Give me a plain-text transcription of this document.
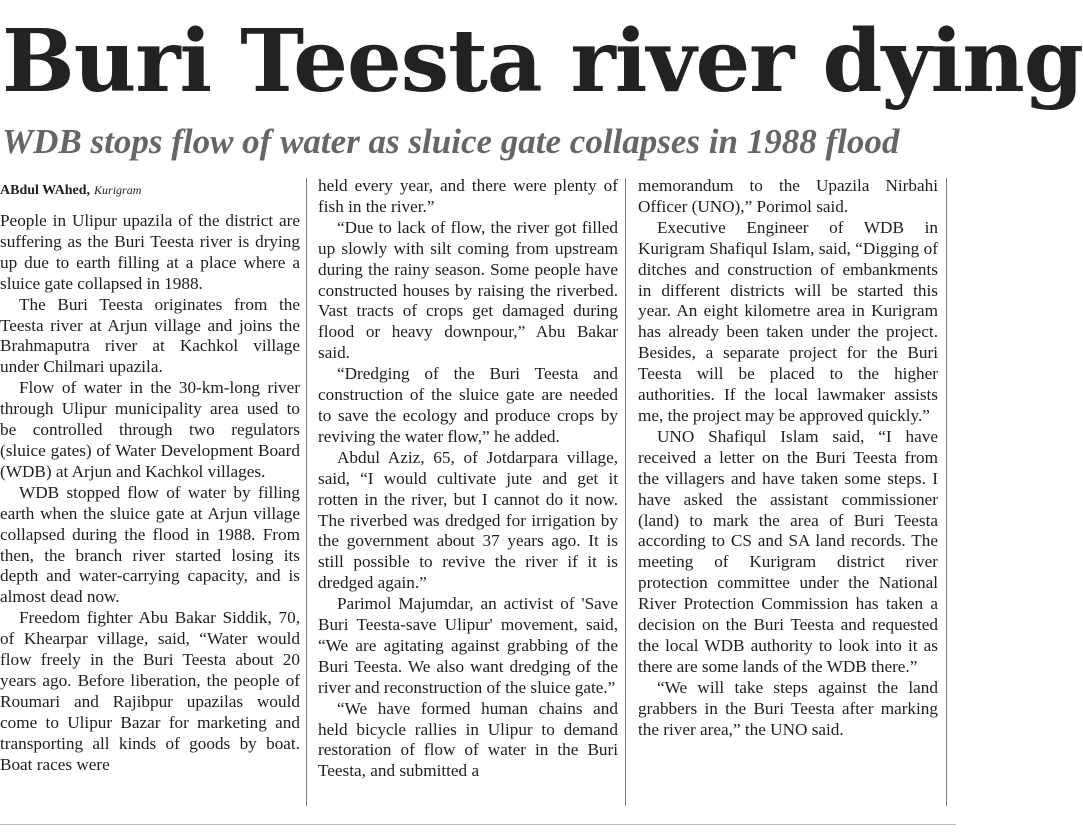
Buri Teesta river dying
WDB stops flow of water as sluice gate collapses in 1988 flood
ABdul WAhed, Kurigram

People in Ulipur upazila of the district are suffering as the Buri Teesta river is drying up due to earth filling at a place where a sluice gate collapsed in 1988.

The Buri Teesta originates from the Teesta river at Arjun village and joins the Brahmaputra river at Kachkol village under Chilmari upazila.

Flow of water in the 30-km-long river through Ulipur municipality area used to be controlled through two regulators (sluice gates) of Water Development Board (WDB) at Arjun and Kachkol villages.

WDB stopped flow of water by filling earth when the sluice gate at Arjun village collapsed during the flood in 1988. From then, the branch river started losing its depth and water-carrying capacity, and is almost dead now.

Freedom fighter Abu Bakar Siddik, 70, of Khearpar village, said, “Water would flow freely in the Buri Teesta about 20 years ago. Before liberation, the people of Roumari and Rajibpur upazilas would come to Ulipur Bazar for marketing and transporting all kinds of goods by boat. Boat races were

held every year, and there were plenty of fish in the river.”

“Due to lack of flow, the river got filled up slowly with silt coming from upstream during the rainy season. Some people have constructed houses by raising the riverbed. Vast tracts of crops get damaged during flood or heavy downpour,” Abu Bakar said.

“Dredging of the Buri Teesta and construction of the sluice gate are needed to save the ecology and produce crops by reviving the water flow,” he added.

Abdul Aziz, 65, of Jotdarpara village, said, “I would cultivate jute and get it rotten in the river, but I cannot do it now. The riverbed was dredged for irrigation by the government about 37 years ago. It is still possible to revive the river if it is dredged again.”

Parimol Majumdar, an activist of 'Save Buri Teesta-save Ulipur' movement, said, “We are agitating against grabbing of the Buri Teesta. We also want dredging of the river and reconstruction of the sluice gate.”

“We have formed human chains and held bicycle rallies in Ulipur to demand restoration of flow of water in the Buri Teesta, and submitted a

memorandum to the Upazila Nirbahi Officer (UNO),” Porimol said.

Executive Engineer of WDB in Kurigram Shafiqul Islam, said, “Digging of ditches and construction of embankments in different districts will be started this year. An eight kilometre area in Kurigram has already been taken under the project. Besides, a separate project for the Buri Teesta will be placed to the higher authorities. If the local lawmaker assists me, the project may be approved quickly.”

UNO Shafiqul Islam said, “I have received a letter on the Buri Teesta from the villagers and have taken some steps. I have asked the assistant commissioner (land) to mark the area of Buri Teesta according to CS and SA land records. The meeting of Kurigram district river protection committee under the National River Protection Commission has taken a decision on the Buri Teesta and requested the local WDB authority to look into it as there are some lands of the WDB there.”

“We will take steps against the land grabbers in the Buri Teesta after marking the river area,” the UNO said.
